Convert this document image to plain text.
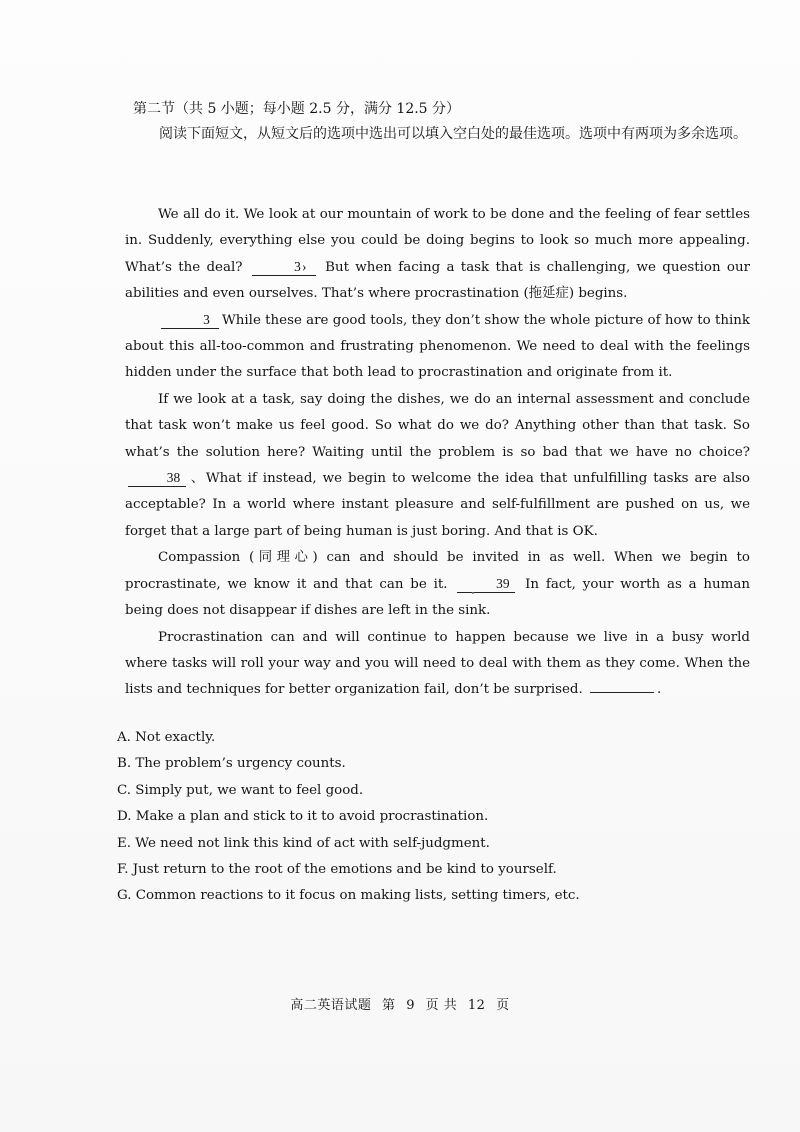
第二节（共 5 小题；每小题 2.5 分，满分 12.5 分）
阅读下面短文，从短文后的选项中选出可以填入空白处的最佳选项。选项中有两项为多余选项。

We all do it. We look at our mountain of work to be done and the feeling of fear settles in. Suddenly, everything else you could be doing begins to look so much more appealing. What’s the deal?	3 › But when facing a task that is challenging, we question our abilities and even ourselves. That’s where procrastination (拖延症) begins.

3 While these are good tools, they don’t show the whole picture of how to think about this all-too-common and frustrating phenomenon. We need to deal with the feelings hidden under the surface that both lead to procrastination and originate from it.

If we look at a task, say doing the dishes, we do an internal assessment and conclude that task won’t make us feel good. So what do we do? Anything other than that task. So what’s the solution here? Waiting until the problem is so bad that we have no choice? 38 、What if instead, we begin to welcome the idea that unfulfilling tasks are also acceptable? In a world where instant pleasure and self-fulfillment are pushed on us, we forget that a large part of being human is just boring. And that is OK.

Compassion (同理心) can and should be invited in as well. When we begin to procrastinate, we know it and that can be it.	39 In fact, your worth as a human being does not disappear if dishes are left in the sink.

Procrastination can and will continue to happen because we live in a busy world where tasks will roll your way and you will need to deal with them as they come. When the lists and techniques for better organization fail, don’t be surprised.	.

A. Not exactly.
B. The problem’s urgency counts.
C. Simply put, we want to feel good.
D. Make a plan and stick to it to avoid procrastination.
E. We need not link this kind of act with self-judgment.
F. Just return to the root of the emotions and be kind to yourself.
G. Common reactions to it focus on making lists, setting timers, etc.
高二英语试题 第 9 页 共 12 页
